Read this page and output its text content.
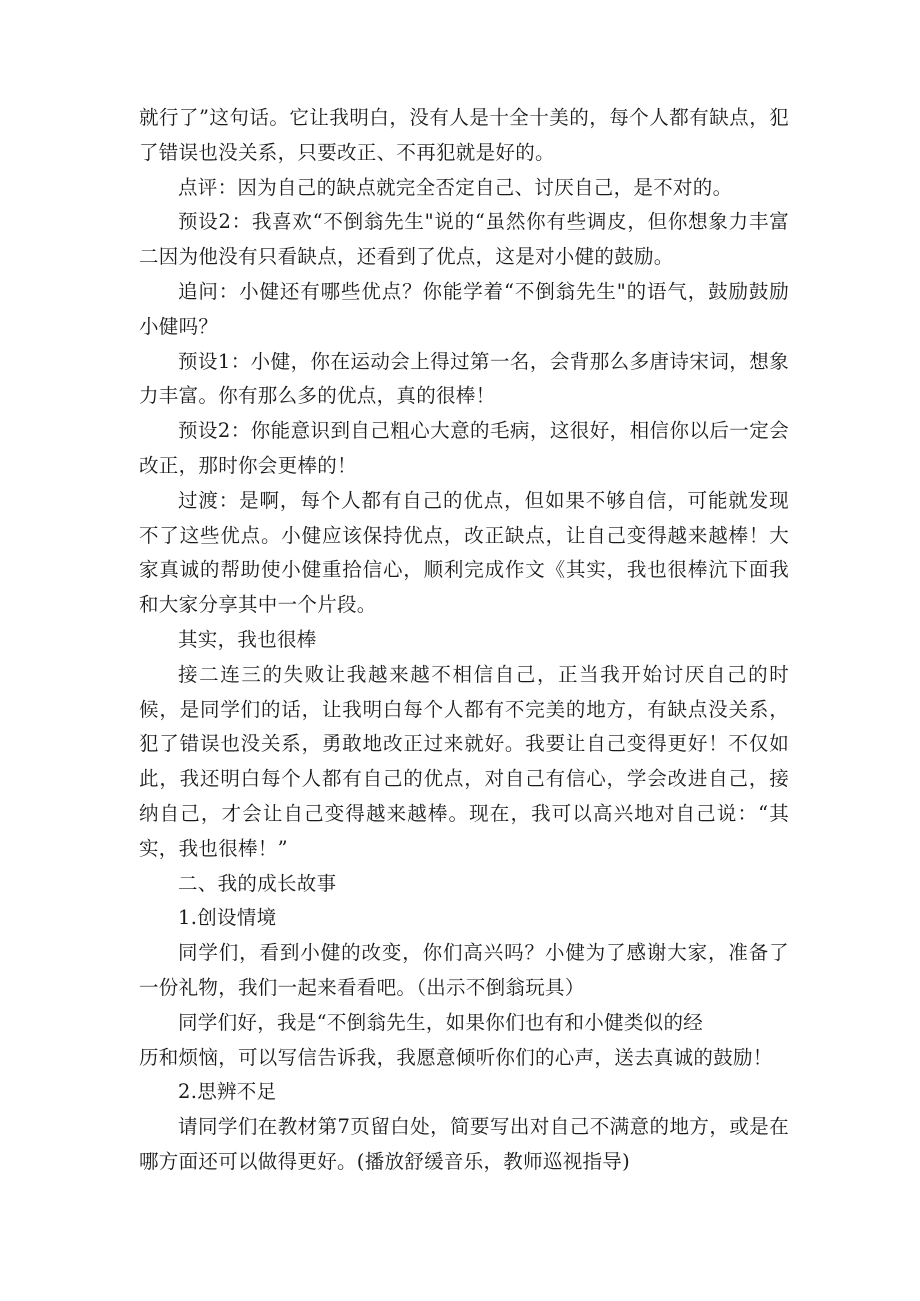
就行了”这句话。它让我明白，没有人是十全十美的，每个人都有缺点，犯了错误也没关系，只要改正、不再犯就是好的。

点评：因为自己的缺点就完全否定自己、讨厌自己，是不对的。

预设2：我喜欢“不倒翁先生"说的“虽然你有些调皮，但你想象力丰富二因为他没有只看缺点，还看到了优点，这是对小健的鼓励。

追问：小健还有哪些优点？你能学着“不倒翁先生"的语气，鼓励鼓励小健吗？

预设1：小健，你在运动会上得过第一名，会背那么多唐诗宋词，想象力丰富。你有那么多的优点，真的很棒！

预设2：你能意识到自己粗心大意的毛病，这很好，相信你以后一定会改正，那时你会更棒的！

过渡：是啊，每个人都有自己的优点，但如果不够自信，可能就发现不了这些优点。小健应该保持优点，改正缺点，让自己变得越来越棒！大家真诚的帮助使小健重拾信心，顺利完成作文《其实，我也很棒沆下面我和大家分享其中一个片段。

其实，我也很棒

接二连三的失败让我越来越不相信自己，正当我开始讨厌自己的时候，是同学们的话，让我明白每个人都有不完美的地方，有缺点没关系，犯了错误也没关系，勇敢地改正过来就好。我要让自己变得更好！不仅如此，我还明白每个人都有自己的优点，对自己有信心，学会改进自己，接纳自己，才会让自己变得越来越棒。现在，我可以高兴地对自己说：“其实，我也很棒！”

二、我的成长故事

1.创设情境

同学们，看到小健的改变，你们高兴吗？小健为了感谢大家，准备了一份礼物，我们一起来看看吧。（出示不倒翁玩具）

同学们好，我是“不倒翁先生，如果你们也有和小健类似的经

历和烦恼，可以写信告诉我，我愿意倾听你们的心声，送去真诚的鼓励！

2.思辨不足

请同学们在教材第7页留白处，简要写出对自己不满意的地方，或是在哪方面还可以做得更好。(播放舒缓音乐，教师巡视指导)
